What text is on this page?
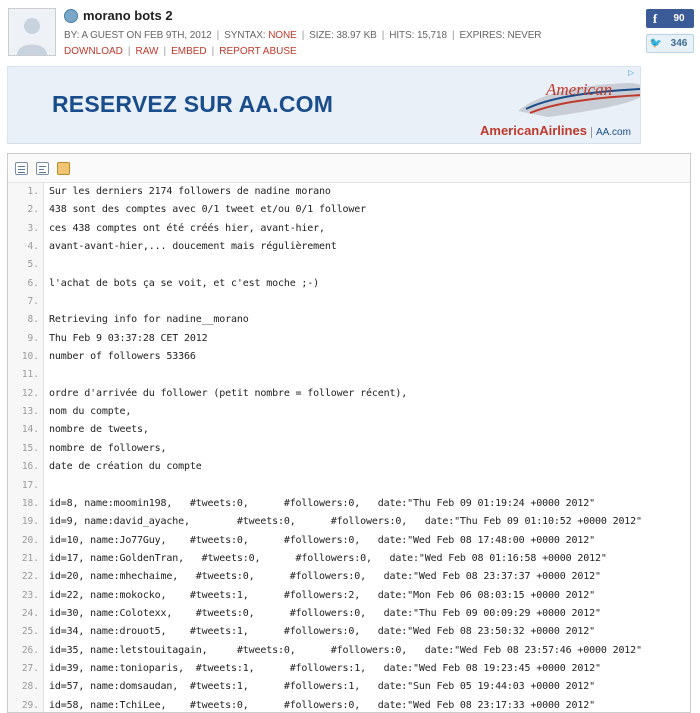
morano bots 2
BY: A GUEST ON FEB 9TH, 2012 | SYNTAX: NONE | SIZE: 38.97 KB | HITS: 15,718 | EXPIRES: NEVER
DOWNLOAD | RAW | EMBED | REPORT ABUSE
f	90
🐦 346
RESERVEZ SUR AA.COM
American
AmericanAirlines AA.com
▷
1.	Sur les derniers 2174 followers de nadine morano
2.	438 sont des comptes avec 0/1 tweet et/ou 0/1 follower
3.	ces 438 comptes ont été créés hier, avant-hier,
4.	avant-avant-hier,... doucement mais régulièrement
5.
6.	l'achat de bots ça se voit, et c'est moche ;-)
7.
8.	Retrieving info for nadine__morano
9.	Thu Feb 9 03:37:28 CET 2012
10.	number of followers 53366
11.
12.	ordre d'arrivée du follower (petit nombre = follower récent),
13.	nom du compte,
14.	nombre de tweets,
15.	nombre de followers,
16.	date de création du compte
17.
18.	id=8, name:moomin198,   #tweets:0,      #followers:0,   date:"Thu Feb 09 01:19:24 +0000 2012"
19.	id=9, name:david_ayache,        #tweets:0,      #followers:0,   date:"Thu Feb 09 01:10:52 +0000 2012"
20.	id=10, name:Jo77Guy,    #tweets:0,      #followers:0,   date:"Wed Feb 08 17:48:00 +0000 2012"
21.	id=17, name:GoldenTran,   #tweets:0,      #followers:0,   date:"Wed Feb 08 01:16:58 +0000 2012"
22.	id=20, name:mhechaime,   #tweets:0,      #followers:0,   date:"Wed Feb 08 23:37:37 +0000 2012"
23.	id=22, name:mokocko,    #tweets:1,      #followers:2,   date:"Mon Feb 06 08:03:15 +0000 2012"
24.	id=30, name:Colotexx,    #tweets:0,      #followers:0,   date:"Thu Feb 09 00:09:29 +0000 2012"
25.	id=34, name:drouot5,    #tweets:1,      #followers:0,   date:"Wed Feb 08 23:50:32 +0000 2012"
26.	id=35, name:letstouitagain,     #tweets:0,      #followers:0,   date:"Wed Feb 08 23:57:46 +0000 2012"
27.	id=39, name:tonioparis,  #tweets:1,      #followers:1,   date:"Wed Feb 08 19:23:45 +0000 2012"
28.	id=57, name:domsaudan,  #tweets:1,      #followers:1,   date:"Sun Feb 05 19:44:03 +0000 2012"
29.	id=58, name:TchiLee,    #tweets:0,      #followers:0,   date:"Wed Feb 08 23:17:33 +0000 2012"
